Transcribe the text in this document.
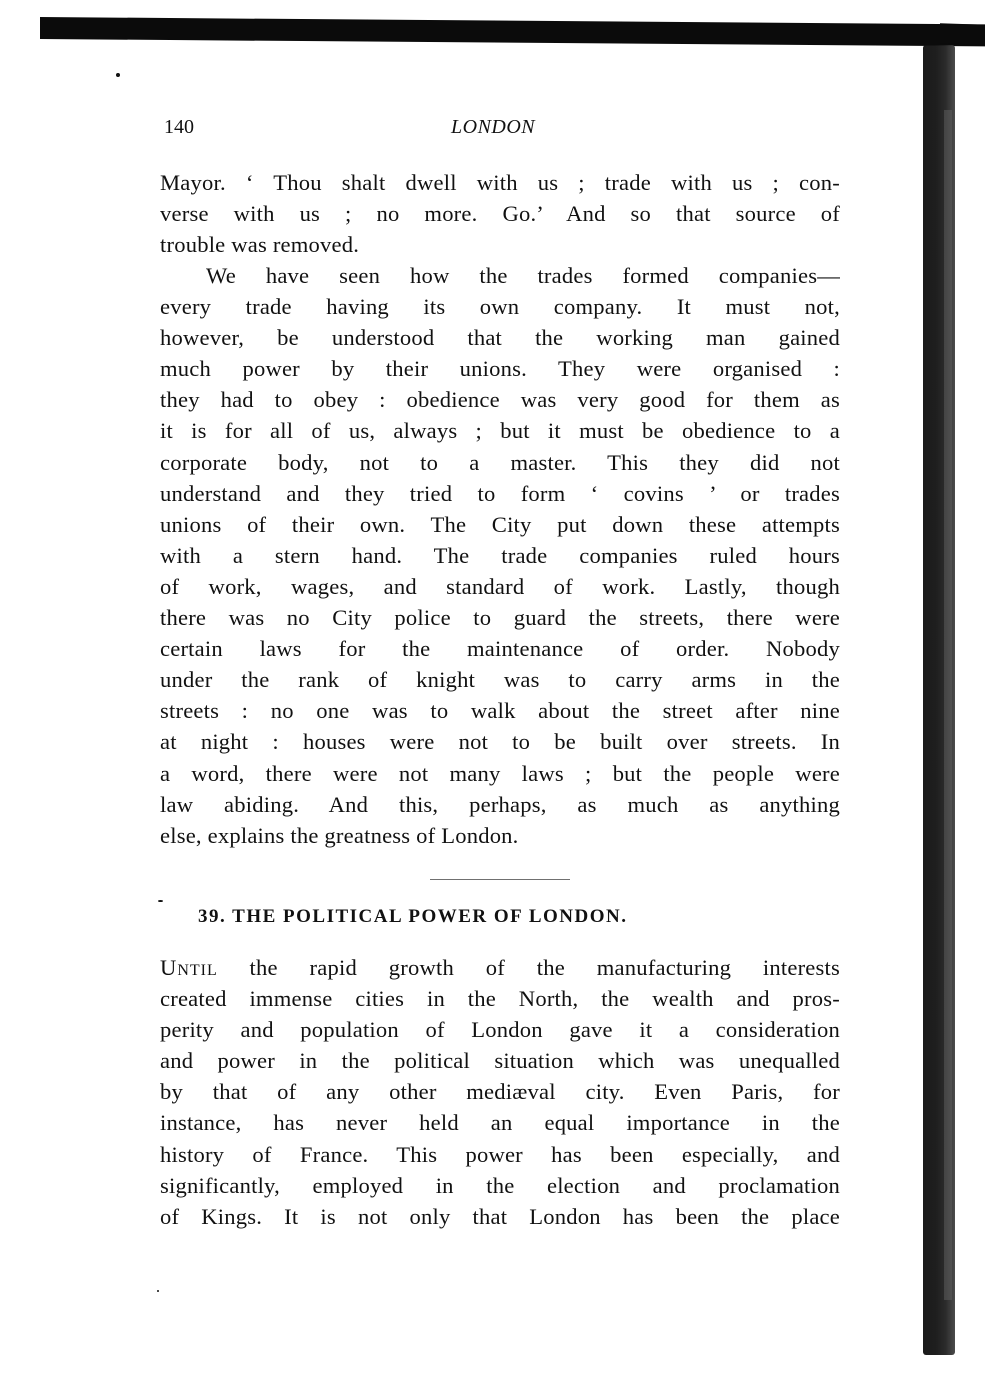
140	LONDON
Mayor. ‘ Thou shalt dwell with us ; trade with us ; con-
verse with us ; no more. Go.’ And so that source of
trouble was removed.
We have seen how the trades formed companies—
every trade having its own company. It must not,
however, be understood that the working man gained
much power by their unions. They were organised :
they had to obey : obedience was very good for them as
it is for all of us, always ; but it must be obedience to a
corporate body, not to a master. This they did not
understand and they tried to form ‘ covins ’ or trades
unions of their own. The City put down these attempts
with a stern hand. The trade companies ruled hours
of work, wages, and standard of work. Lastly, though
there was no City police to guard the streets, there were
certain laws for the maintenance of order. Nobody
under the rank of knight was to carry arms in the
streets : no one was to walk about the street after nine
at night : houses were not to be built over streets. In
a word, there were not many laws ; but the people were
law abiding. And this, perhaps, as much as anything
else, explains the greatness of London.
39. THE POLITICAL POWER OF LONDON.
Until the rapid growth of the manufacturing interests
created immense cities in the North, the wealth and pros-
perity and population of London gave it a consideration
and power in the political situation which was unequalled
by that of any other mediæval city. Even Paris, for
instance, has never held an equal importance in the
history of France. This power has been especially, and
significantly, employed in the election and proclamation
of Kings. It is not only that London has been the place
